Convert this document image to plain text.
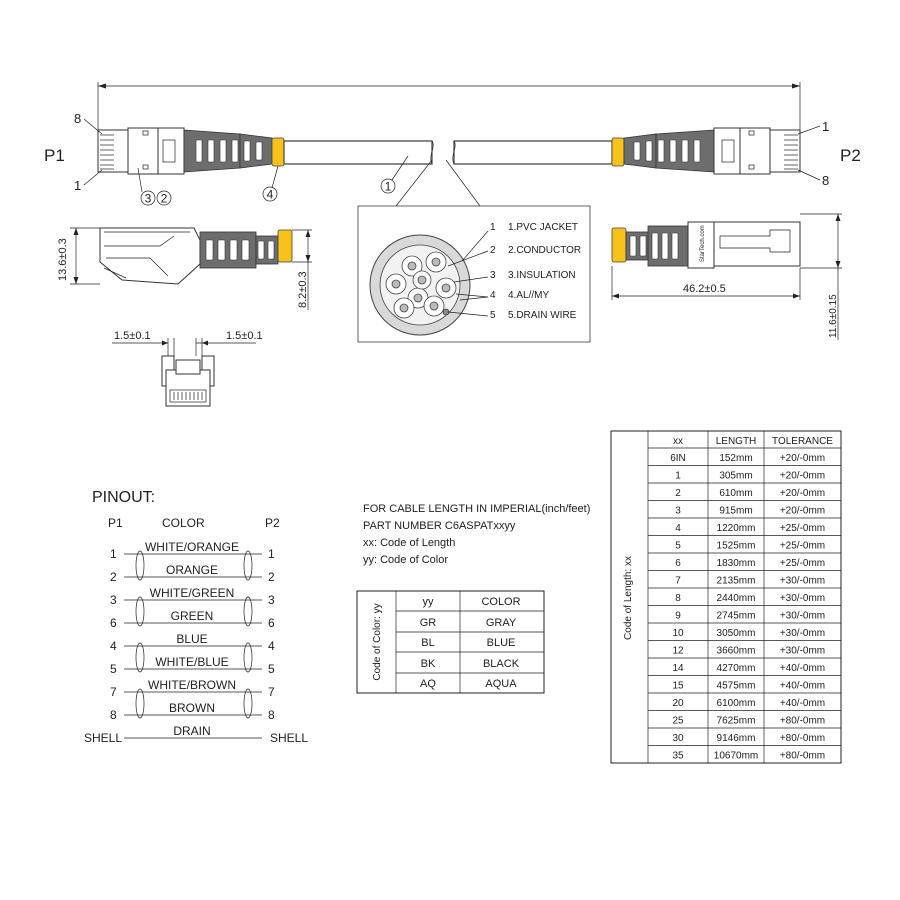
P1	P2
8
1
1
8
3 2	4
1
13.6±0.3
8.2±0.3
1.5±0.1	1.5±0.1
1 1.PVC JACKET
2 2.CONDUCTOR
3 3.INSULATION
4 4.AL//MY
5 5.DRAIN WIRE
StarTech.com
46.2±0.5
11.6±0.15
PINOUT:
P1	COLOR	P2
1	1
WHITE/ORANGE
2	2
ORANGE
3	3
WHITE/GREEN
6	6
GREEN
4	4
BLUE
5	5
WHITE/BLUE
7	7
WHITE/BROWN
8	8
BROWN
SHELL	SHELL
DRAIN
FOR CABLE LENGTH IN IMPERIAL(inch/feet)
PART NUMBER C6ASPATxxyy
xx: Code of Length
yy: Code of Color
Code of Color: yy
yy	COLOR
GR	GRAY
BL	BLUE
BK	BLACK
AQ	AQUA
Code of Length: xx
xx	LENGTH TOLERANCE
6IN	152mm	+20/-0mm
1	305mm	+20/-0mm
2	610mm	+20/-0mm
3	915mm	+20/-0mm
4	1220mm +25/-0mm
5	1525mm +25/-0mm
6	1830mm +25/-0mm
7	2135mm +30/-0mm
8	2440mm +30/-0mm
9	2745mm +30/-0mm
10	3050mm +30/-0mm
12	3660mm +30/-0mm
14	4270mm +40/-0mm
15	4575mm +40/-0mm
20	6100mm +40/-0mm
25	7625mm +80/-0mm
30	9146mm +80/-0mm
35	10670mm +80/-0mm
